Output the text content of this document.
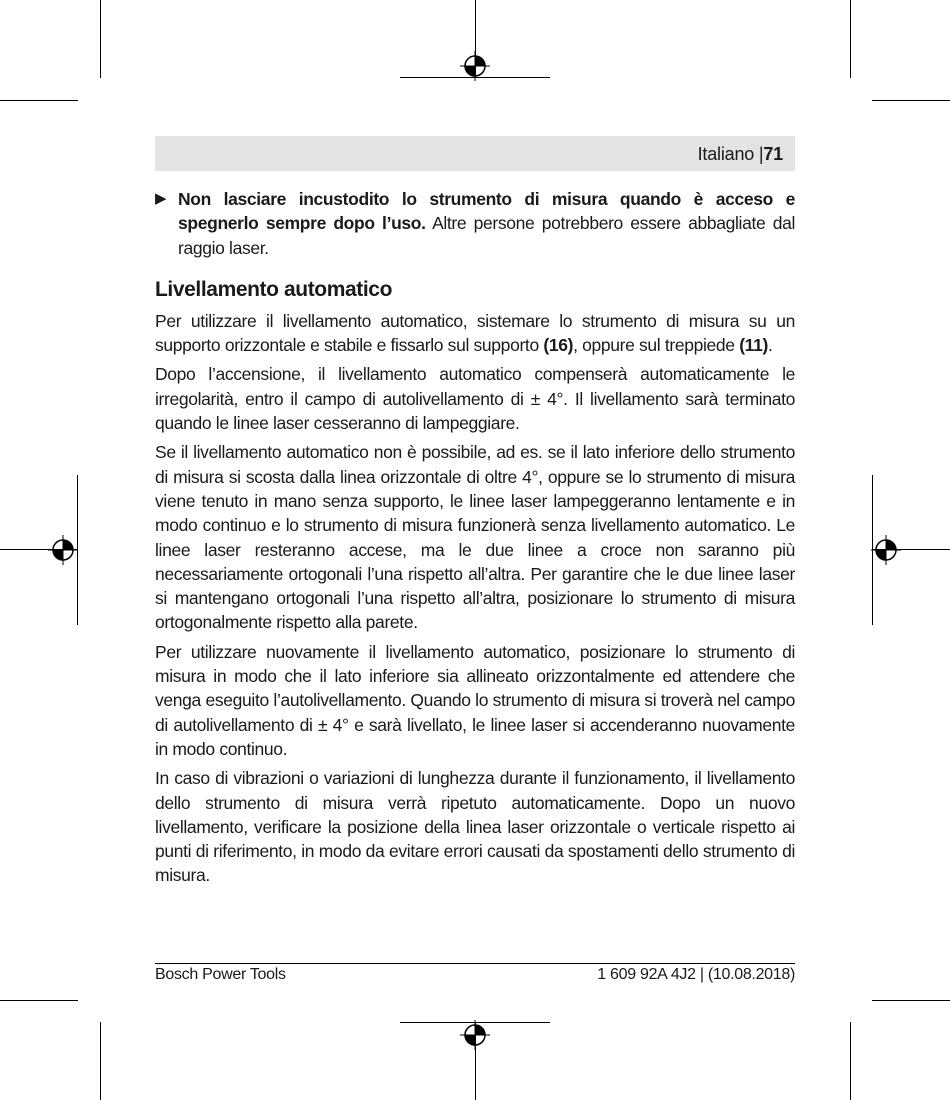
Italiano |71

▶ Non lasciare incustodito lo strumento di misura quando è acceso e spegnerlo sempre dopo l’uso. Altre persone potrebbero essere abbagliate dal raggio laser.

Livellamento automatico

Per utilizzare il livellamento automatico, sistemare lo strumento di misura su un supporto orizzontale e stabile e fissarlo sul supporto (16), oppure sul treppiede (11).

Dopo l’accensione, il livellamento automatico compenserà automaticamente le irregolarità, entro il campo di autolivellamento di ± 4°. Il livellamento sarà terminato quando le linee laser cesseranno di lampeggiare.

Se il livellamento automatico non è possibile, ad es. se il lato inferiore dello strumento di misura si scosta dalla linea orizzontale di oltre 4°, oppure se lo strumento di misura viene tenuto in mano senza supporto, le linee laser lampeggeranno lentamente e in modo continuo e lo strumento di misura funzionerà senza livellamento automatico. Le linee laser resteranno accese, ma le due linee a croce non saranno più necessariamente ortogonali l’una rispetto all’altra. Per garantire che le due linee laser si mantengano ortogonali l’una rispetto all’altra, posizionare lo strumento di misura ortogonalmente rispetto alla parete.

Per utilizzare nuovamente il livellamento automatico, posizionare lo strumento di misura in modo che il lato inferiore sia allineato orizzontalmente ed attendere che venga eseguito l’autolivellamento. Quando lo strumento di misura si troverà nel campo di autolivellamento di ± 4° e sarà livellato, le linee laser si accenderanno nuovamente in modo continuo.

In caso di vibrazioni o variazioni di lunghezza durante il funzionamento, il livellamento dello strumento di misura verrà ripetuto automaticamente. Dopo un nuovo livellamento, verificare la posizione della linea laser orizzontale o verticale rispetto ai punti di riferimento, in modo da evitare errori causati da spostamenti dello strumento di misura.

Bosch Power Tools	1 609 92A 4J2 | (10.08.2018)
